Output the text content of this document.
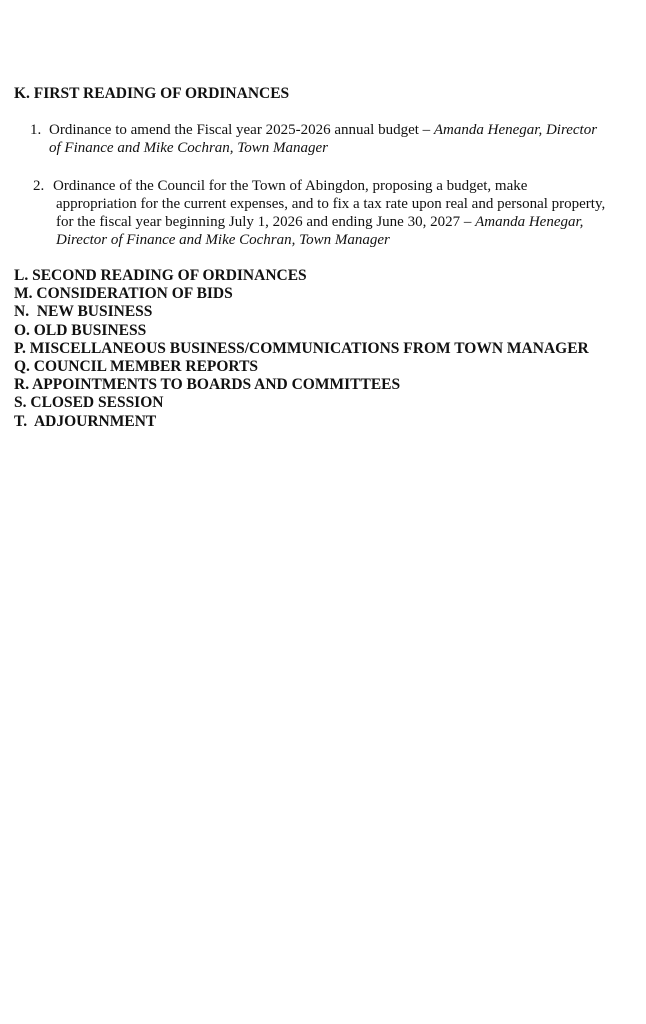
K. FIRST READING OF ORDINANCES

1. Ordinance to amend the Fiscal year 2025-2026 annual budget – Amanda Henegar, Director
of Finance and Mike Cochran, Town Manager

2. Ordinance of the Council for the Town of Abingdon, proposing a budget, make
appropriation for the current expenses, and to fix a tax rate upon real and personal property,
for the fiscal year beginning July 1, 2026 and ending June 30, 2027 – Amanda Henegar,
Director of Finance and Mike Cochran, Town Manager

L. SECOND READING OF ORDINANCES
M. CONSIDERATION OF BIDS
N.  NEW BUSINESS
O. OLD BUSINESS
P. MISCELLANEOUS BUSINESS/COMMUNICATIONS FROM TOWN MANAGER
Q. COUNCIL MEMBER REPORTS
R. APPOINTMENTS TO BOARDS AND COMMITTEES
S. CLOSED SESSION
T.  ADJOURNMENT
